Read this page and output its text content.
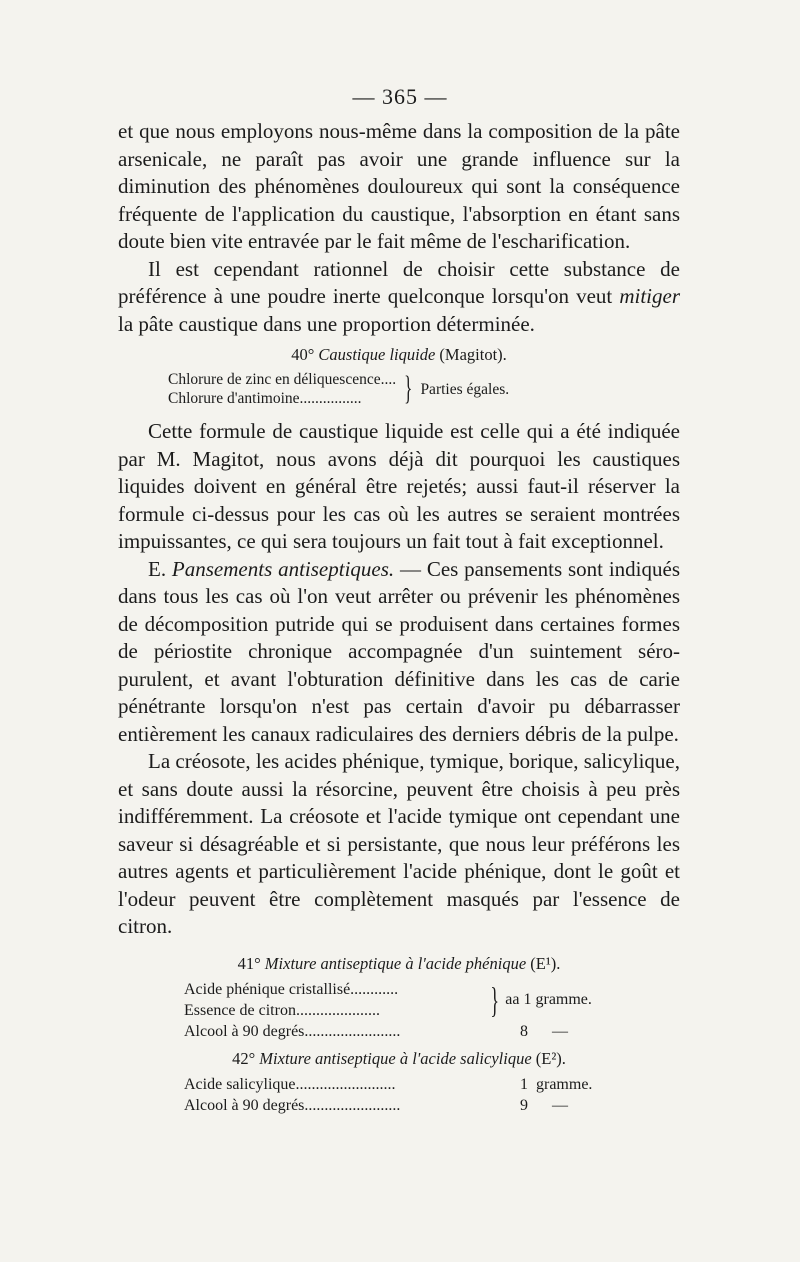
— 365 —

et que nous employons nous-même dans la composition de la pâte arsenicale, ne paraît pas avoir une grande influence sur la diminution des phénomènes douloureux qui sont la conséquence fréquente de l'application du caustique, l'absorption en étant sans doute bien vite entravée par le fait même de l'escharification.

Il est cependant rationnel de choisir cette substance de préférence à une poudre inerte quelconque lorsqu'on veut mitiger la pâte caustique dans une proportion déterminée.

40° Caustique liquide (Magitot).
Chlorure de zinc en déliquescence....
Chlorure d'antimoine................	} Parties égales.

Cette formule de caustique liquide est celle qui a été indiquée par M. Magitot, nous avons déjà dit pourquoi les caustiques liquides doivent en général être rejetés; aussi faut-il réserver la formule ci-dessus pour les cas où les autres se seraient montrées impuissantes, ce qui sera toujours un fait tout à fait exceptionnel.

E. Pansements antiseptiques. — Ces pansements sont indiqués dans tous les cas où l'on veut arrêter ou prévenir les phénomènes de décomposition putride qui se produisent dans certaines formes de périostite chronique accompagnée d'un suintement séro-purulent, et avant l'obturation définitive dans les cas de carie pénétrante lorsqu'on n'est pas certain d'avoir pu débarrasser entièrement les canaux radiculaires des derniers débris de la pulpe.

La créosote, les acides phénique, tymique, borique, salicylique, et sans doute aussi la résorcine, peuvent être choisis à peu près indifféremment. La créosote et l'acide tymique ont cependant une saveur si désagréable et si persistante, que nous leur préférons les autres agents et particulièrement l'acide phénique, dont le goût et l'odeur peuvent être complètement masqués par l'essence de citron.

41° Mixture antiseptique à l'acide phénique (E¹).
Acide phénique cristallisé............
Essence de citron.....................	} aa 1 gramme.
Alcool à 90 degrés........................	8 —
42° Mixture antiseptique à l'acide salicylique (E²).
Acide salicylique.........................	1 gramme.
Alcool à 90 degrés........................	9 —
